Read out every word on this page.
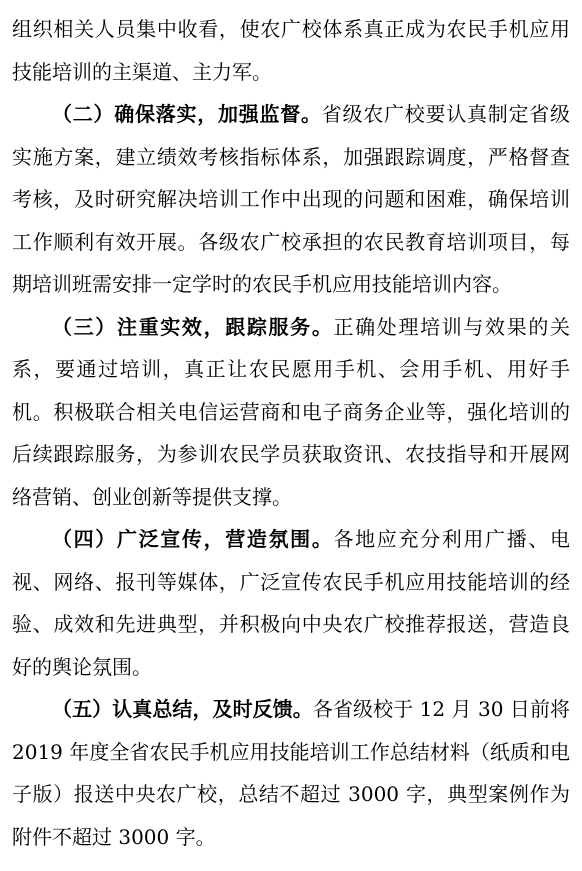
组织相关人员集中收看，使农广校体系真正成为农民手机应用技能培训的主渠道、主力军。

（二）确保落实，加强监督。省级农广校要认真制定省级实施方案，建立绩效考核指标体系，加强跟踪调度，严格督查考核，及时研究解决培训工作中出现的问题和困难，确保培训工作顺利有效开展。各级农广校承担的农民教育培训项目，每期培训班需安排一定学时的农民手机应用技能培训内容。

（三）注重实效，跟踪服务。正确处理培训与效果的关系，要通过培训，真正让农民愿用手机、会用手机、用好手机。积极联合相关电信运营商和电子商务企业等，强化培训的后续跟踪服务，为参训农民学员获取资讯、农技指导和开展网络营销、创业创新等提供支撑。

（四）广泛宣传，营造氛围。各地应充分利用广播、电视、网络、报刊等媒体，广泛宣传农民手机应用技能培训的经验、成效和先进典型，并积极向中央农广校推荐报送，营造良好的舆论氛围。

（五）认真总结，及时反馈。各省级校于 12 月 30 日前将 2019 年度全省农民手机应用技能培训工作总结材料（纸质和电子版）报送中央农广校，总结不超过 3000 字，典型案例作为附件不超过 3000 字。
